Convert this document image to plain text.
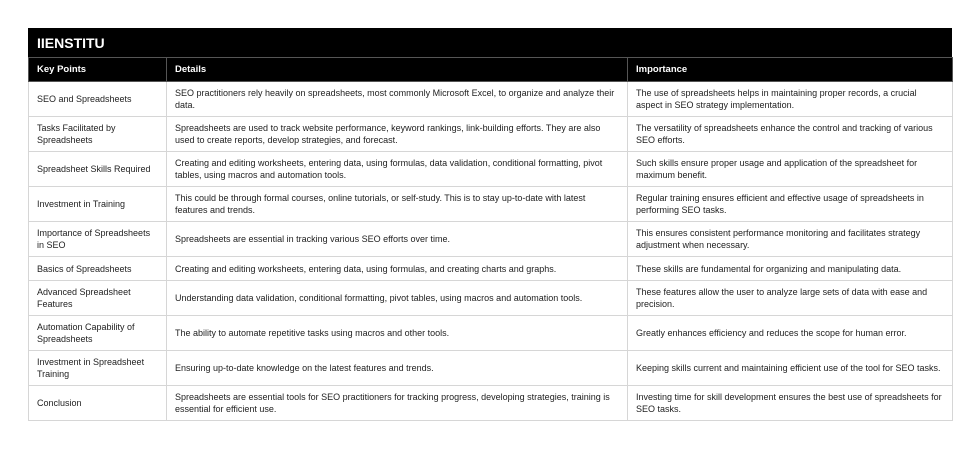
IIENSTITU
Key Points	Details	Importance
SEO and Spreadsheets	SEO practitioners rely heavily on spreadsheets, most commonly Microsoft Excel, to organize and analyze their data.	The use of spreadsheets helps in maintaining proper records, a crucial aspect in SEO strategy implementation.
Tasks Facilitated by Spreadsheets	Spreadsheets are used to track website performance, keyword rankings, link-building efforts. They are also used to create reports, develop strategies, and forecast.	The versatility of spreadsheets enhance the control and tracking of various SEO efforts.
Spreadsheet Skills Required	Creating and editing worksheets, entering data, using formulas, data validation, conditional formatting, pivot tables, using macros and automation tools.	Such skills ensure proper usage and application of the spreadsheet for maximum benefit.
Investment in Training	This could be through formal courses, online tutorials, or self-study. This is to stay up-to-date with latest features and trends.	Regular training ensures efficient and effective usage of spreadsheets in performing SEO tasks.
Importance of Spreadsheets in SEO	Spreadsheets are essential in tracking various SEO efforts over time.	This ensures consistent performance monitoring and facilitates strategy adjustment when necessary.
Basics of Spreadsheets	Creating and editing worksheets, entering data, using formulas, and creating charts and graphs.	These skills are fundamental for organizing and manipulating data.
Advanced Spreadsheet Features	Understanding data validation, conditional formatting, pivot tables, using macros and automation tools.	These features allow the user to analyze large sets of data with ease and precision.
Automation Capability of Spreadsheets	The ability to automate repetitive tasks using macros and other tools.	Greatly enhances efficiency and reduces the scope for human error.
Investment in Spreadsheet Training	Ensuring up-to-date knowledge on the latest features and trends.	Keeping skills current and maintaining efficient use of the tool for SEO tasks.
Conclusion	Spreadsheets are essential tools for SEO practitioners for tracking progress, developing strategies, training is essential for efficient use.	Investing time for skill development ensures the best use of spreadsheets for SEO tasks.
